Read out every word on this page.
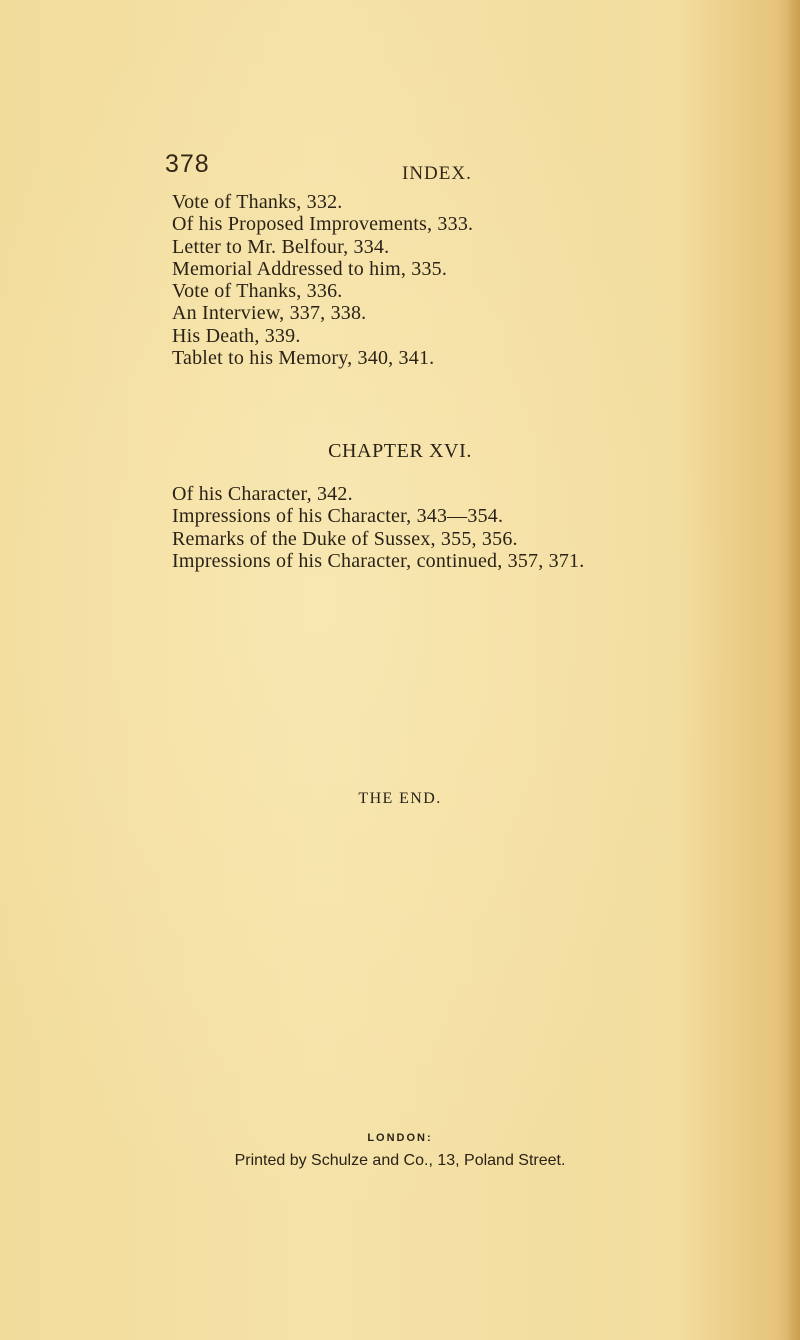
378	INDEX.
Vote of Thanks, 332.
Of his Proposed Improvements, 333.
Letter to Mr. Belfour, 334.
Memorial Addressed to him, 335.
Vote of Thanks, 336.
An Interview, 337, 338.
His Death, 339.
Tablet to his Memory, 340, 341.
CHAPTER XVI.
Of his Character, 342.
Impressions of his Character, 343—354.
Remarks of the Duke of Sussex, 355, 356.
Impressions of his Character, continued, 357, 371.
THE END.
LONDON:
Printed by Schulze and Co., 13, Poland Street.
